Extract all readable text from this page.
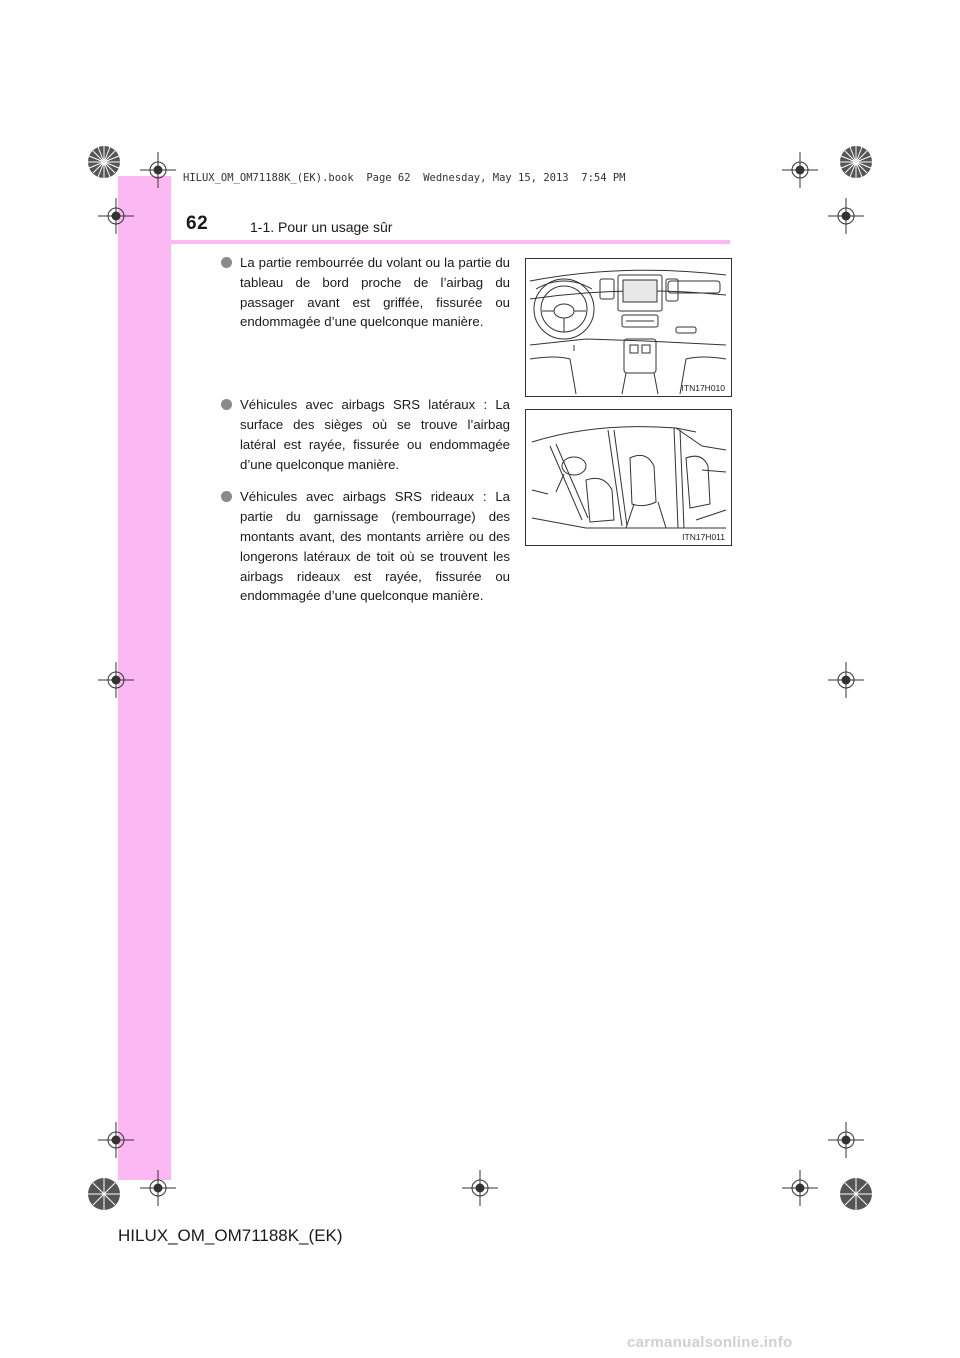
HILUX_OM_OM71188K_(EK).book  Page 62  Wednesday, May 15, 2013  7:54 PM
62	1-1. Pour un usage sûr
La partie rembourrée du volant ou la partie du tableau de bord proche de l’airbag du passager avant est griffée, fissurée ou endommagée d’une quelconque manière.
Véhicules avec airbags SRS latéraux : La surface des sièges où se trouve l’airbag latéral est rayée, fissurée ou endommagée d’une quelconque manière.
Véhicules avec airbags SRS rideaux : La partie du garnissage (rembourrage) des montants avant, des montants arrière ou des longerons latéraux de toit où se trouvent les airbags rideaux est rayée, fissurée ou endommagée d’une quelconque manière.
ITN17H010
ITN17H011
HILUX_OM_OM71188K_(EK)
carmanualsonline.info
